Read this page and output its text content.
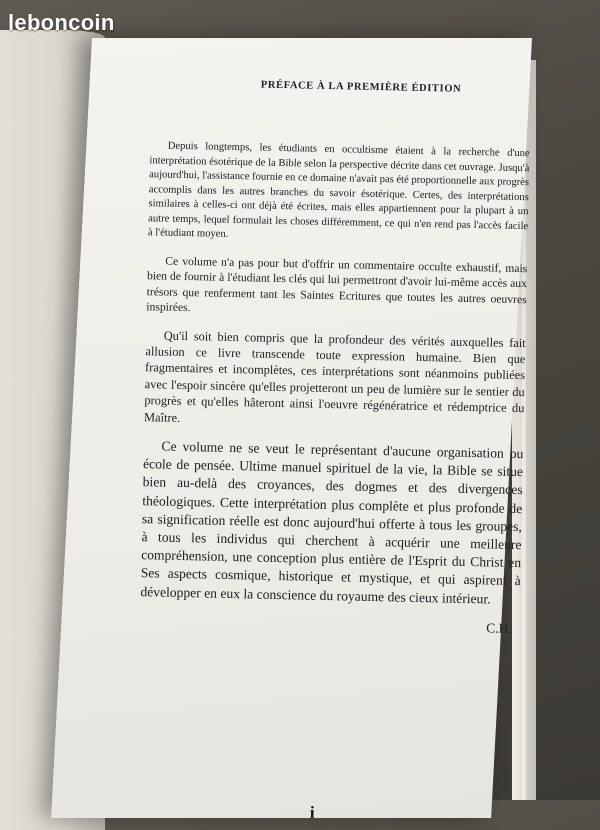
PRÉFACE À LA PREMIÈRE ÉDITION

Depuis longtemps, les étudiants en occultisme étaient à la recherche d'une interprétation ésotérique de la Bible selon la perspective décrite dans cet ouvrage. Jusqu'à aujourd'hui, l'assistance fournie en ce domaine n'avait pas été proportionnelle aux progrès accomplis dans les autres branches du savoir ésotérique. Certes, des interprétations similaires à celles-ci ont déjà été écrites, mais elles appartiennent pour la plupart à un autre temps, lequel formulait les choses différemment, ce qui n'en rend pas l'accès facile à l'étudiant moyen.

Ce volume n'a pas pour but d'offrir un commentaire occulte exhaustif, mais bien de fournir à l'étudiant les clés qui lui permettront d'avoir lui-même accès aux trésors que renferment tant les Saintes Ecritures que toutes les autres oeuvres inspirées.

Qu'il soit bien compris que la profondeur des vérités auxquelles fait allusion ce livre transcende toute expression humaine. Bien que fragmentaires et incomplètes, ces interprétations sont néanmoins publiées avec l'espoir sincère qu'elles projetteront un peu de lumière sur le sentier du progrès et qu'elles hâteront ainsi l'oeuvre régénératrice et rédemptrice du Maître.

Ce volume ne se veut le représentant d'aucune organisation ou école de pensée. Ultime manuel spirituel de la vie, la Bible se situe bien au-delà des croyances, des dogmes et des divergences théologiques. Cette interprétation plus complète et plus profonde de sa signification réelle est donc aujourd'hui offerte à tous les groupes, à tous les individus qui cherchent à acquérir une meilleure compréhension, une conception plus entière de l'Esprit du Christ en Ses aspects cosmique, historique et mystique, et qui aspirent à développer en eux la conscience du royaume des cieux intérieur.

C.H.
i
leboncoin
